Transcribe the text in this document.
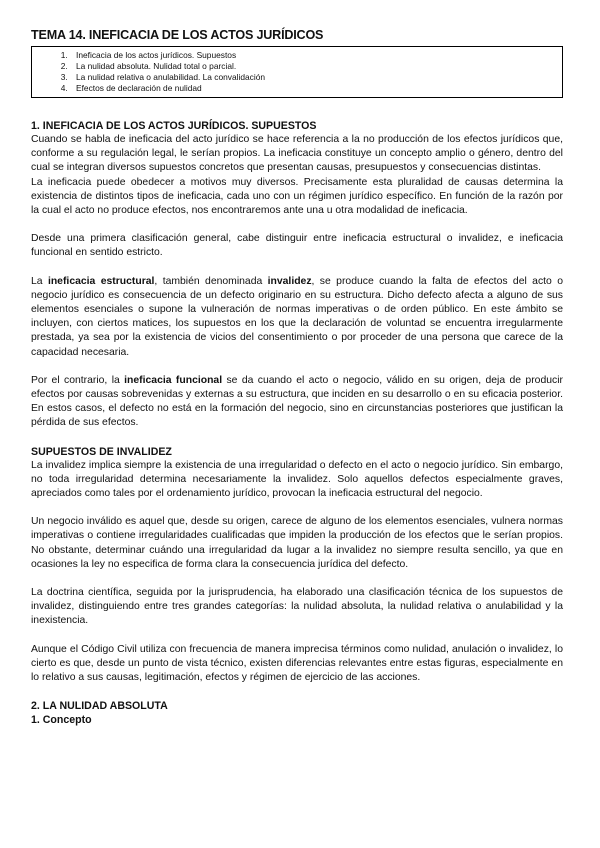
TEMA 14. INEFICACIA DE LOS ACTOS JURÍDICOS
1. Ineficacia de los actos jurídicos. Supuestos
2. La nulidad absoluta. Nulidad total o parcial.
3. La nulidad relativa o anulabilidad. La convalidación
4. Efectos de declaración de nulidad
1. INEFICACIA DE LOS ACTOS JURÍDICOS. SUPUESTOS

Cuando se habla de ineficacia del acto jurídico se hace referencia a la no producción de los efectos jurídicos que, conforme a su regulación legal, le serían propios. La ineficacia constituye un concepto amplio o género, dentro del cual se integran diversos supuestos concretos que presentan causas, presupuestos y consecuencias distintas.

La ineficacia puede obedecer a motivos muy diversos. Precisamente esta pluralidad de causas determina la existencia de distintos tipos de ineficacia, cada uno con un régimen jurídico específico. En función de la razón por la cual el acto no produce efectos, nos encontraremos ante una u otra modalidad de ineficacia.

Desde una primera clasificación general, cabe distinguir entre ineficacia estructural o invalidez, e ineficacia funcional en sentido estricto.

La ineficacia estructural, también denominada invalidez, se produce cuando la falta de efectos del acto o negocio jurídico es consecuencia de un defecto originario en su estructura. Dicho defecto afecta a alguno de sus elementos esenciales o supone la vulneración de normas imperativas o de orden público. En este ámbito se incluyen, con ciertos matices, los supuestos en los que la declaración de voluntad se encuentra irregularmente prestada, ya sea por la existencia de vicios del consentimiento o por proceder de una persona que carece de la capacidad necesaria.

Por el contrario, la ineficacia funcional se da cuando el acto o negocio, válido en su origen, deja de producir efectos por causas sobrevenidas y externas a su estructura, que inciden en su desarrollo o en su eficacia posterior. En estos casos, el defecto no está en la formación del negocio, sino en circunstancias posteriores que justifican la pérdida de sus efectos.

SUPUESTOS DE INVALIDEZ

La invalidez implica siempre la existencia de una irregularidad o defecto en el acto o negocio jurídico. Sin embargo, no toda irregularidad determina necesariamente la invalidez. Solo aquellos defectos especialmente graves, apreciados como tales por el ordenamiento jurídico, provocan la ineficacia estructural del negocio.

Un negocio inválido es aquel que, desde su origen, carece de alguno de los elementos esenciales, vulnera normas imperativas o contiene irregularidades cualificadas que impiden la producción de los efectos que le serían propios. No obstante, determinar cuándo una irregularidad da lugar a la invalidez no siempre resulta sencillo, ya que en ocasiones la ley no especifica de forma clara la consecuencia jurídica del defecto.

La doctrina científica, seguida por la jurisprudencia, ha elaborado una clasificación técnica de los supuestos de invalidez, distinguiendo entre tres grandes categorías: la nulidad absoluta, la nulidad relativa o anulabilidad y la inexistencia.

Aunque el Código Civil utiliza con frecuencia de manera imprecisa términos como nulidad, anulación o invalidez, lo cierto es que, desde un punto de vista técnico, existen diferencias relevantes entre estas figuras, especialmente en lo relativo a sus causas, legitimación, efectos y régimen de ejercicio de las acciones.

2. LA NULIDAD ABSOLUTA
1. Concepto
